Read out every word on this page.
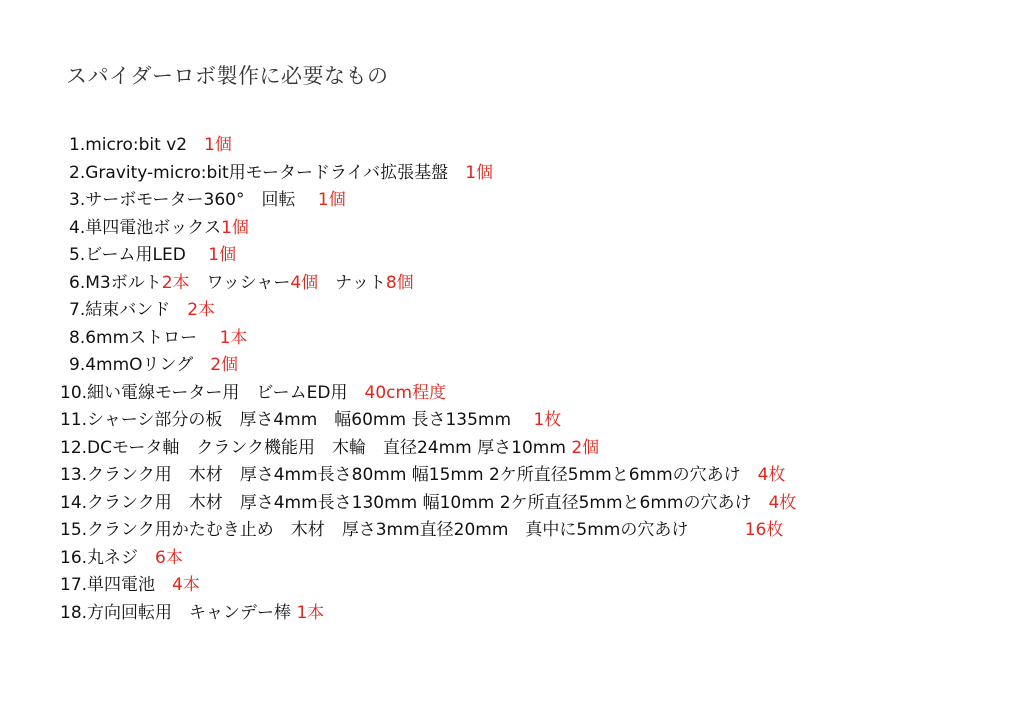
スパイダーロボ製作に必要なもの
1.micro:bit v2　1個
2.Gravity-micro:bit用モータードライバ拡張基盤　1個
3.サーボモーター360°　回転　 1個
4.単四電池ボックス1個
5.ビーム用LED　 1個
6.M3ボルト2本　ワッシャー4個　ナット8個
7.結束バンド　2本
8.6mmストロー　 1本
9.4mmOリング　2個
10.細い電線モーター用　ビームED用　40cm程度
11.シャーシ部分の板　厚さ4mm　幅60mm 長さ135mm　 1枚
12.DCモータ軸　クランク機能用　木輪　直径24mm 厚さ10mm 2個
13.クランク用　木材　厚さ4mm長さ80mm 幅15mm 2ケ所直径5mmと6mmの穴あけ　4枚
14.クランク用　木材　厚さ4mm長さ130mm 幅10mm 2ケ所直径5mmと6mmの穴あけ　4枚
15.クランク用かたむき止め　木材　厚さ3mm直径20mm　真中に5mmの穴あけ　　　 16枚
16.丸ネジ　6本
17.単四電池　4本
18.方向回転用　キャンデー棒 1本
